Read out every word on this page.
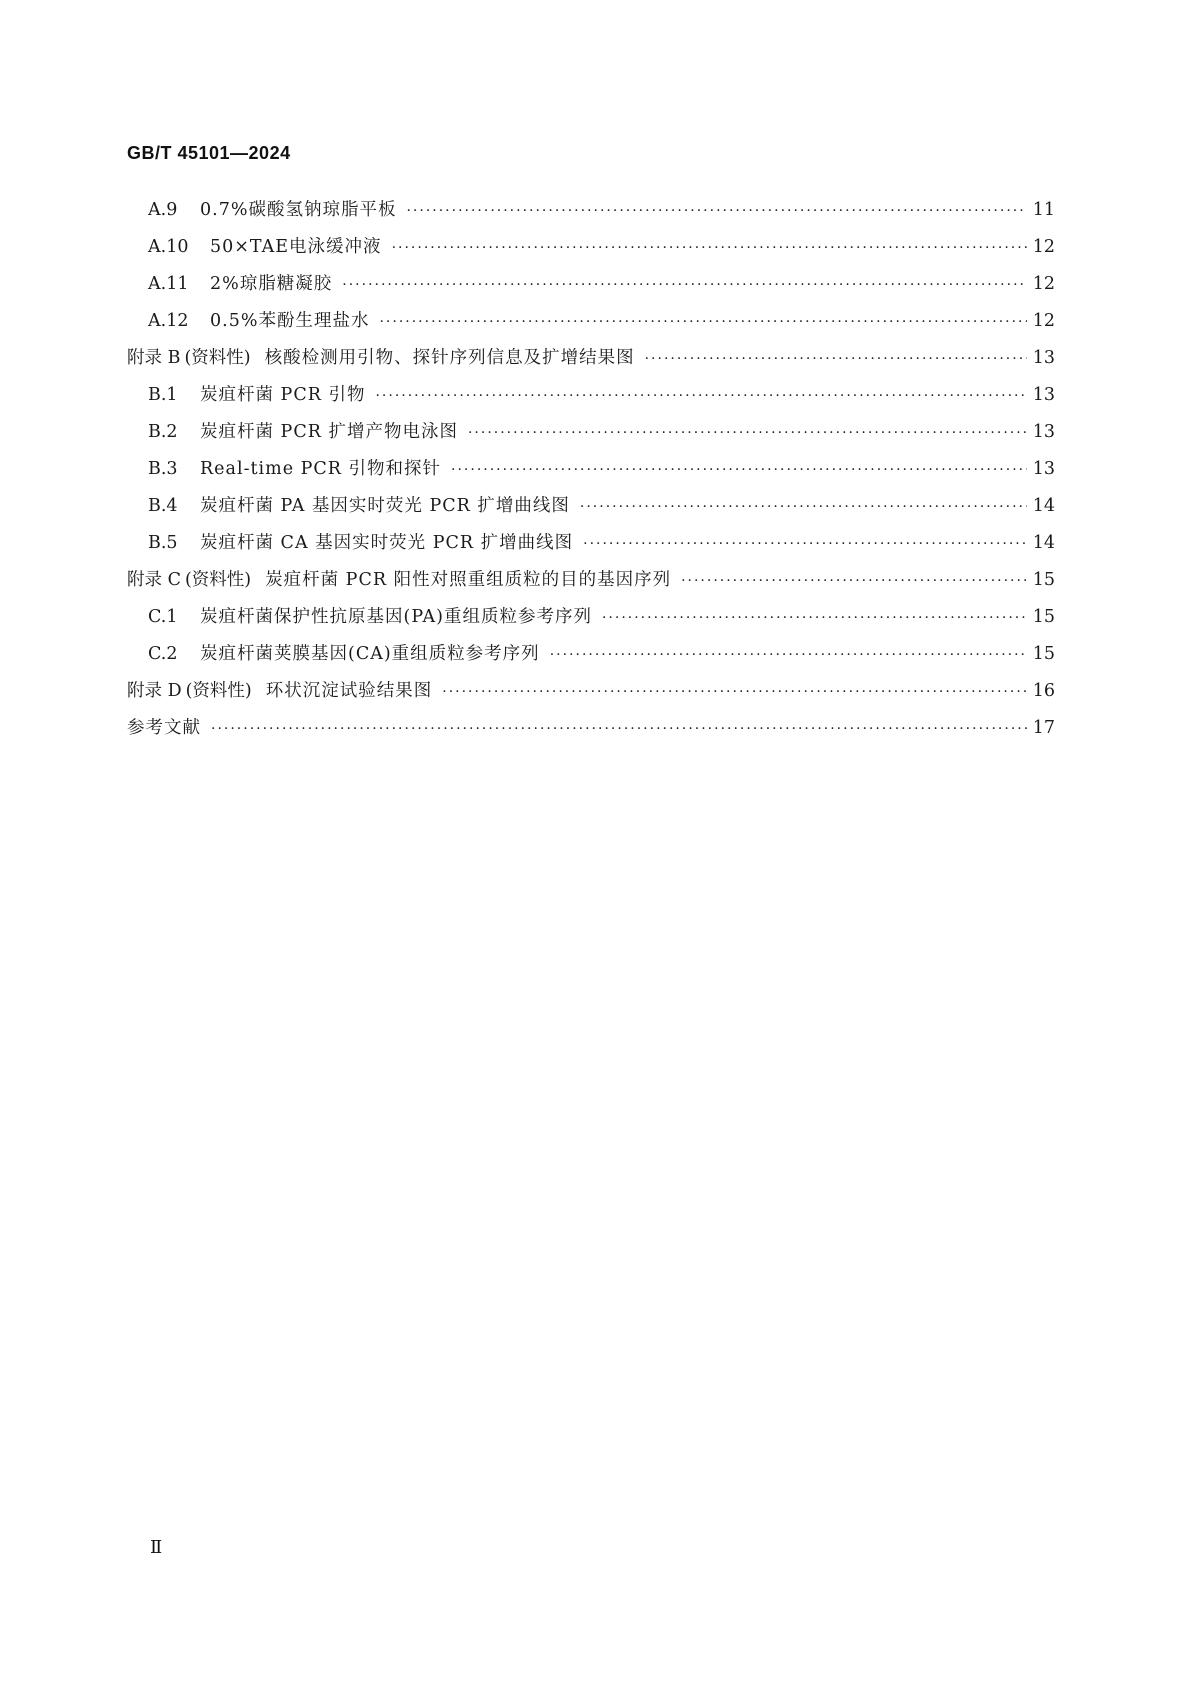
GB/T 45101—2024
A.9 0.7%碳酸氢钠琼脂平板 ·····	11
A.10 50×TAE电泳缓冲液 ·····	12
A.11 2%琼脂糖凝胶 ·····	12
A.12 0.5%苯酚生理盐水 ·····	12
附录 B (资料性) 核酸检测用引物、探针序列信息及扩增结果图 ·····	13
B.1 炭疽杆菌 PCR 引物 ·····	13
B.2 炭疽杆菌 PCR 扩增产物电泳图 ·····	13
B.3 Real-time PCR 引物和探针 ·····	13
B.4 炭疽杆菌 PA 基因实时荧光 PCR 扩增曲线图 ·····	14
B.5 炭疽杆菌 CA 基因实时荧光 PCR 扩增曲线图 ·····	14
附录 C (资料性) 炭疽杆菌 PCR 阳性对照重组质粒的目的基因序列 ·····	15
C.1 炭疽杆菌保护性抗原基因(PA)重组质粒参考序列 ·····	15
C.2 炭疽杆菌荚膜基因(CA)重组质粒参考序列 ·····	15
附录 D (资料性) 环状沉淀试验结果图 ·····	16
参考文献 ·····	17
Ⅱ
